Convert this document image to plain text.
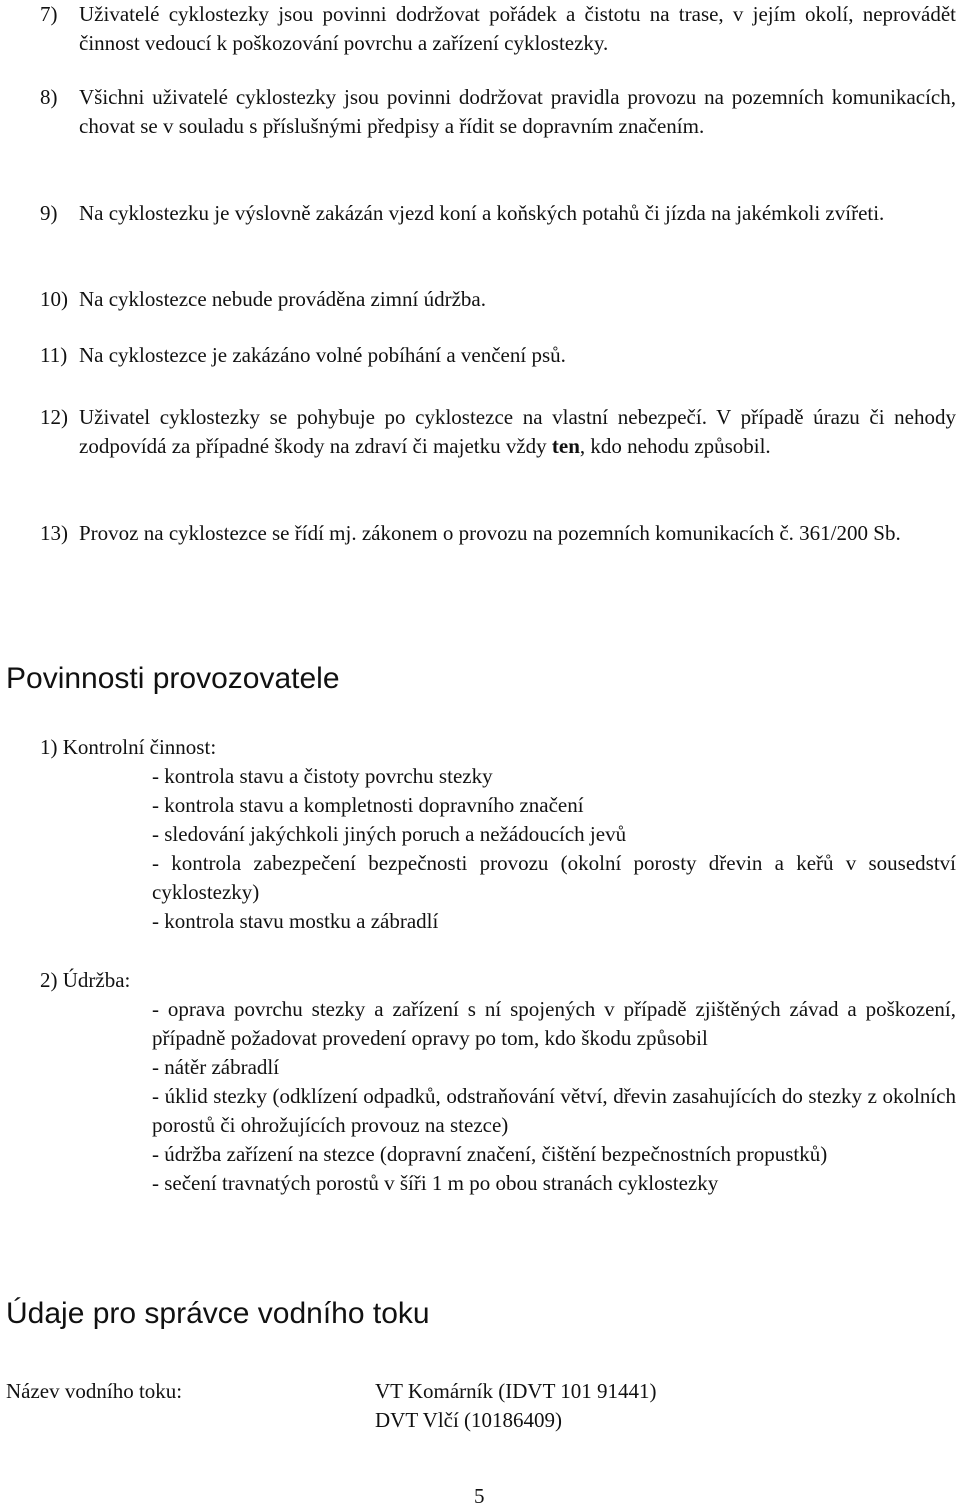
7) Uživatelé cyklostezky jsou povinni dodržovat pořádek a čistotu na trase, v jejím okolí, neprovádět činnost vedoucí k poškozování povrchu a zařízení cyklostezky.
8) Všichni uživatelé cyklostezky jsou povinni dodržovat pravidla provozu na pozemních komunikacích, chovat se v souladu s příslušnými předpisy a řídit se dopravním značením.
9) Na cyklostezku je výslovně zakázán vjezd koní a koňských potahů či jízda na jakémkoli zvířeti.
10) Na cyklostezce nebude prováděna zimní údržba.
11) Na cyklostezce je zakázáno volné pobíhání a venčení psů.
12) Uživatel cyklostezky se pohybuje po cyklostezce na vlastní nebezpečí. V případě úrazu či nehody zodpovídá za případné škody na zdraví či majetku vždy ten, kdo nehodu způsobil.
13) Provoz na cyklostezce se řídí mj. zákonem o provozu na pozemních komunikacích č. 361/200 Sb.
Povinnosti provozovatele
1) Kontrolní činnost:
- kontrola stavu a čistoty povrchu stezky
- kontrola stavu a kompletnosti dopravního značení
- sledování jakýchkoli jiných poruch a nežádoucích jevů
- kontrola zabezpečení bezpečnosti provozu (okolní porosty dřevin a keřů v sousedství cyklostezky)
- kontrola stavu mostku a zábradlí
2) Údržba:
- oprava povrchu stezky a zařízení s ní spojených v případě zjištěných závad a poškození, případně požadovat provedení opravy po tom, kdo škodu způsobil
- nátěr zábradlí
- úklid stezky (odklízení odpadků, odstraňování větví, dřevin zasahujících do stezky z okolních porostů či ohrožujících provouz na stezce)
- údržba zařízení na stezce (dopravní značení, čištění bezpečnostních propustků)
- sečení travnatých porostů v šíři 1 m po obou stranách cyklostezky
Údaje pro správce vodního toku
Název vodního toku:	VT Komárník (IDVT 101 91441)
DVT Vlčí (10186409)
5
